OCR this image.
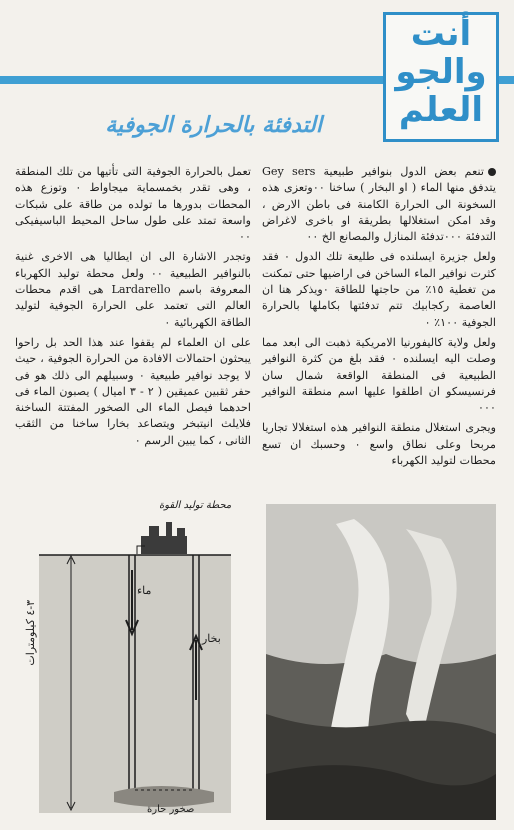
أنت
والجو
العلم
التدفئة بالحرارة الجوفية

تنعم بعض الدول بنوافير طبيعية Gey sers يتدفق منها الماء ( او البخار ) ساخنا ٠٠وتعزى هذه السخونة الى الحرارة الكامنة فى باطن الارض ، وقد امكن استغلالها بطريقة او باخرى لاغراض التدفئة ٠٠٠تدفئة المنازل والمصانع الخ ٠٠

ولعل جزيرة ايسلنده فى طليعة تلك الدول ٠ فقد كثرت نوافير الماء الساخن فى اراضيها حتى تمكنت من تغطية ١٥٪ من حاجتها للطاقة ٠ويذكر هنا ان العاصمة ركجابيك تتم تدفئتها بكاملها بالحرارة الجوفية ١٠٠٪ ٠

ولعل ولاية كاليفورنيا الامريكية ذهبت الى ابعد مما وصلت اليه ايسلنده ٠ فقد بلغ من كثرة النوافير الطبيعية فى المنطقة الواقعة شمال سان فرنسيسكو ان اطلقوا عليها اسم منطقة النوافير ٠٠٠

ويجرى استغلال منطقة النوافير هذه استغلالا تجاريا مربحا وعلى نطاق واسع ٠ وحسبك ان تسع محطات لتوليد الكهرباء

تعمل بالحرارة الجوفية التى تأتيها من تلك المنطقة ، وهى تقدر بخمسماية ميجاواط ٠ وتوزع هذه المحطات بدورها ما تولده من طاقة على شبكات واسعة تمتد على طول ساحل المحيط الباسيفيكى ٠٠

وتجدر الاشارة الى ان ايطاليا هى الاخرى غنية بالنوافير الطبيعية ٠٠ ولعل محطة توليد الكهرباء المعروفة باسم Lardarello هى اقدم محطات العالم التى تعتمد على الحرارة الجوفية لتوليد الطاقة الكهربائية ٠

على ان العلماء لم يقفوا عند هذا الحد بل راحوا يبحثون احتمالات الافادة من الحرارة الجوفية ، حيث لا يوجد نوافير طبيعية ٠ وسبيلهم الى ذلك هو فى حفر ثقبين عميقين ( ٢ - ٣ اميال ) يصبون الماء فى احدهما فيصل الماء الى الصخور المفتتة الساخنة فلايلث انيتبخر ويتصاعد بخارا ساخنا من الثقب الثانى ، كما يبين الرسم ٠

محطة توليد القوة
ماء
بخار
٣-٤ كيلومترات
صخور حارة
